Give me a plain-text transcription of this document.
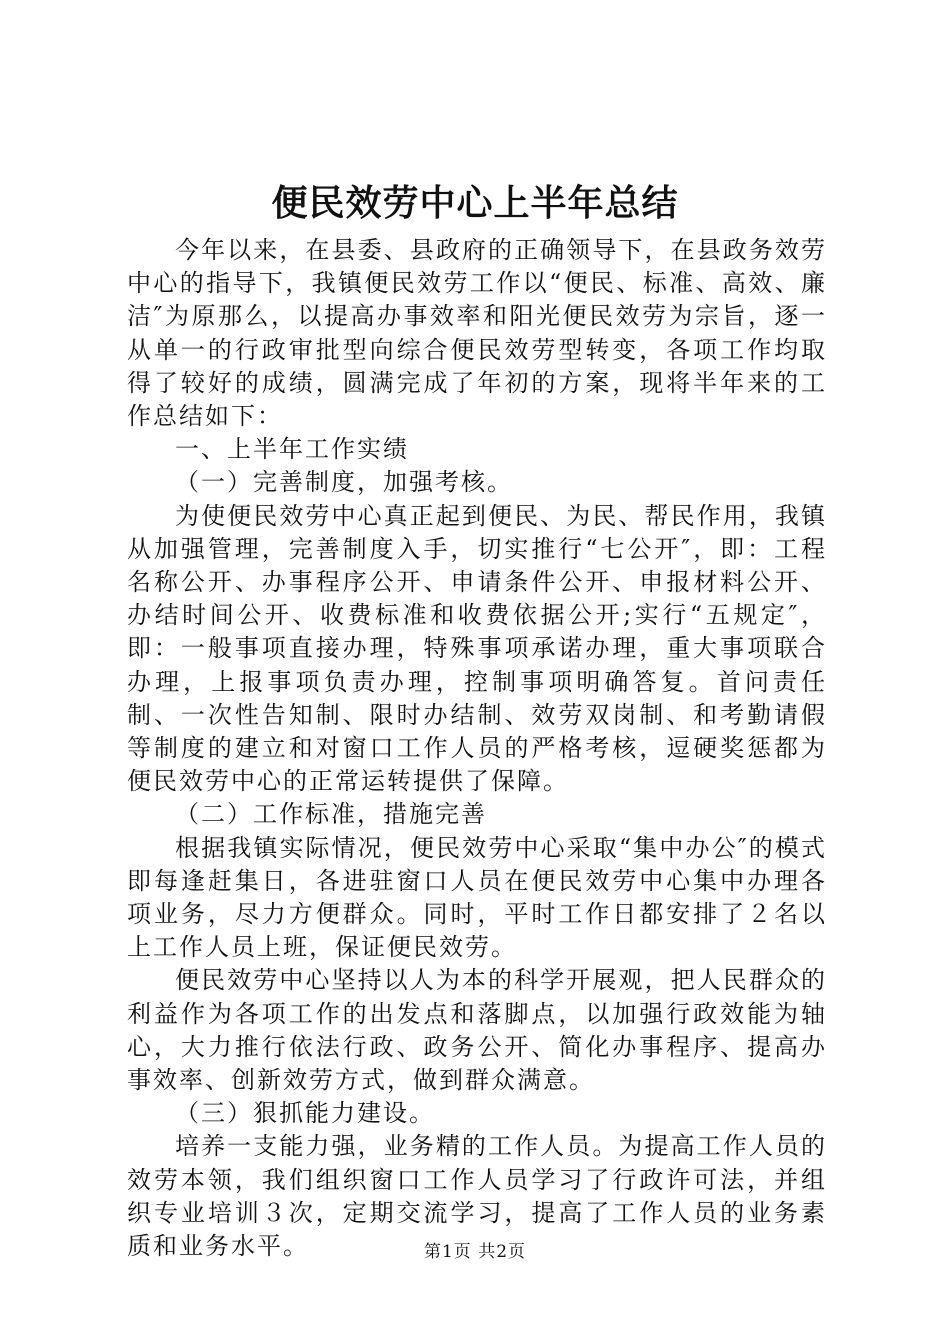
便民效劳中心上半年总结

今年以来，在县委、县政府的正确领导下，在县政务效劳中心的指导下，我镇便民效劳工作以“便民、标准、高效、廉洁″为原那么，以提高办事效率和阳光便民效劳为宗旨，逐一从单一的行政审批型向综合便民效劳型转变，各项工作均取得了较好的成绩，圆满完成了年初的方案，现将半年来的工作总结如下：

一、上半年工作实绩

（一）完善制度，加强考核。

为使便民效劳中心真正起到便民、为民、帮民作用，我镇从加强管理，完善制度入手，切实推行“七公开″，即：工程名称公开、办事程序公开、申请条件公开、申报材料公开、办结时间公开、收费标准和收费依据公开;实行“五规定″，即：一般事项直接办理，特殊事项承诺办理，重大事项联合办理，上报事项负责办理，控制事项明确答复。首问责任制、一次性告知制、限时办结制、效劳双岗制、和考勤请假等制度的建立和对窗口工作人员的严格考核，逗硬奖惩都为便民效劳中心的正常运转提供了保障。

（二）工作标准，措施完善

根据我镇实际情况，便民效劳中心采取“集中办公″的模式即每逢赶集日，各进驻窗口人员在便民效劳中心集中办理各项业务，尽力方便群众。同时，平时工作日都安排了２名以上工作人员上班，保证便民效劳。

便民效劳中心坚持以人为本的科学开展观，把人民群众的利益作为各项工作的出发点和落脚点，以加强行政效能为轴心，大力推行依法行政、政务公开、简化办事程序、提高办事效率、创新效劳方式，做到群众满意。

（三）狠抓能力建设。

培养一支能力强，业务精的工作人员。为提高工作人员的效劳本领，我们组织窗口工作人员学习了行政许可法，并组织专业培训３次，定期交流学习，提高了工作人员的业务素质和业务水平。	第1页 共2页
